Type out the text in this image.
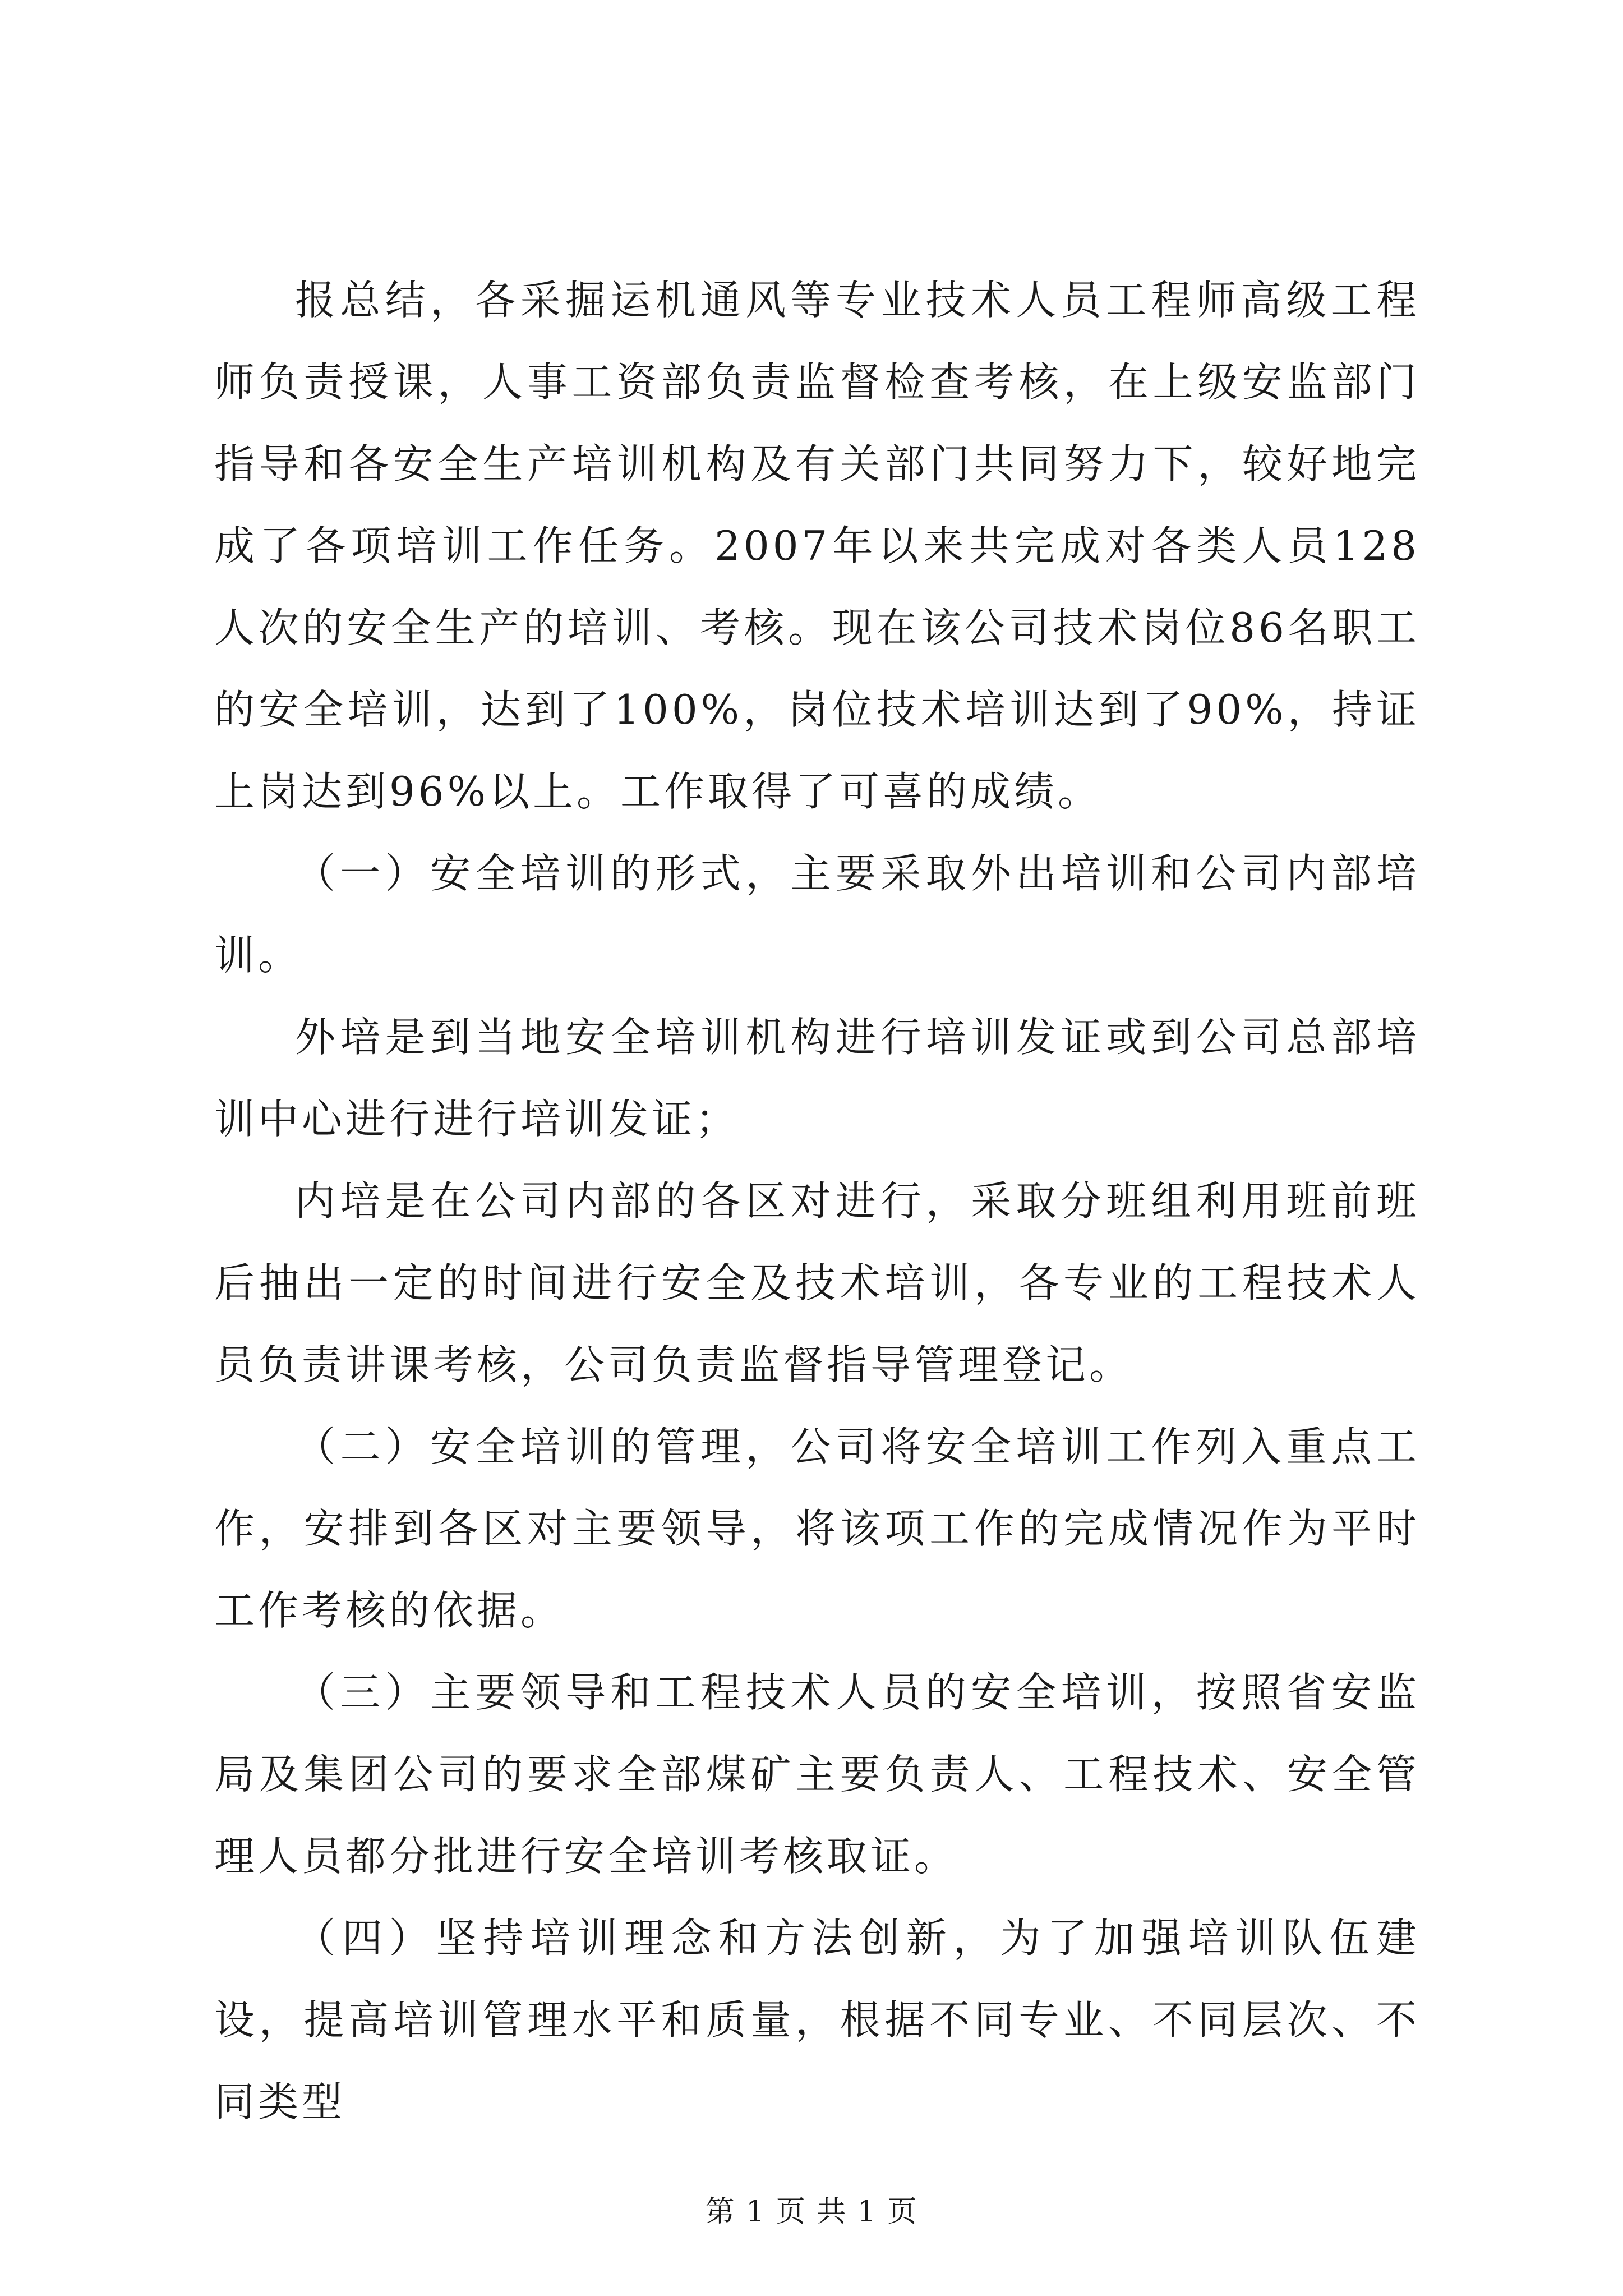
报总结，各采掘运机通风等专业技术人员工程师高级工程师负责授课，人事工资部负责监督检查考核，在上级安监部门指导和各安全生产培训机构及有关部门共同努力下，较好地完成了各项培训工作任务。2007年以来共完成对各类人员128人次的安全生产的培训、考核。现在该公司技术岗位86名职工的安全培训，达到了100%，岗位技术培训达到了90%，持证上岗达到96%以上。工作取得了可喜的成绩。

（一）安全培训的形式，主要采取外出培训和公司内部培训。

外培是到当地安全培训机构进行培训发证或到公司总部培训中心进行进行培训发证；

内培是在公司内部的各区对进行，采取分班组利用班前班后抽出一定的时间进行安全及技术培训，各专业的工程技术人员负责讲课考核，公司负责监督指导管理登记。

（二）安全培训的管理，公司将安全培训工作列入重点工作，安排到各区对主要领导，将该项工作的完成情况作为平时工作考核的依据。

（三）主要领导和工程技术人员的安全培训，按照省安监局及集团公司的要求全部煤矿主要负责人、工程技术、安全管理人员都分批进行安全培训考核取证。

（四）坚持培训理念和方法创新，为了加强培训队伍建设，提高培训管理水平和质量，根据不同专业、不同层次、不同类型

第 1 页 共 1 页
